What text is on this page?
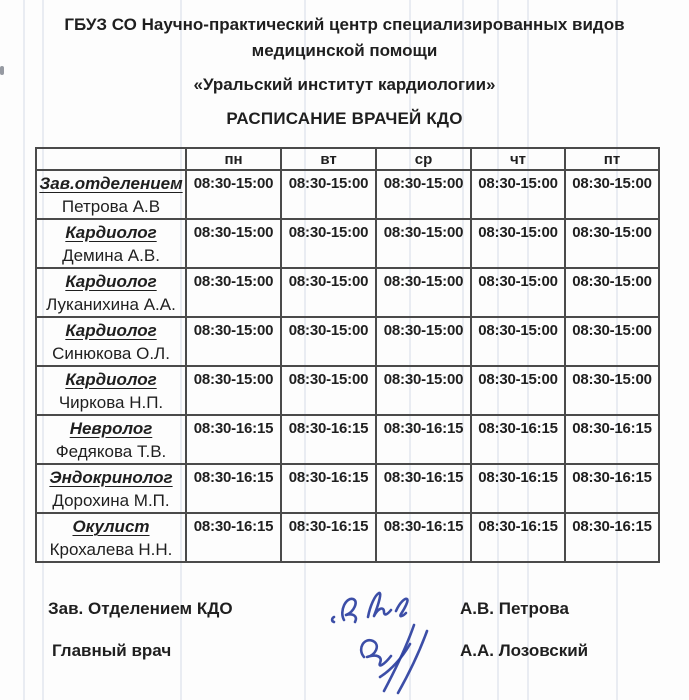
ГБУЗ СО Научно-практический центр специализированных видов
медицинской помощи
«Уральский институт кардиологии»
РАСПИСАНИЕ ВРАЧЕЙ КДО
	пн	вт	ср	чт	пт

Зав.отделением
Петрова А.В	08:30-15:00	08:30-15:00	08:30-15:00	08:30-15:00	08:30-15:00

Кардиолог
Демина А.В.	08:30-15:00	08:30-15:00	08:30-15:00	08:30-15:00	08:30-15:00

Кардиолог
Луканихина А.А.	08:30-15:00	08:30-15:00	08:30-15:00	08:30-15:00	08:30-15:00

Кардиолог
Синюкова О.Л.	08:30-15:00	08:30-15:00	08:30-15:00	08:30-15:00	08:30-15:00

Кардиолог
Чиркова Н.П.	08:30-15:00	08:30-15:00	08:30-15:00	08:30-15:00	08:30-15:00

Невролог
Федякова Т.В.	08:30-16:15	08:30-16:15	08:30-16:15	08:30-16:15	08:30-16:15

Эндокринолог
Дорохина М.П.	08:30-16:15	08:30-16:15	08:30-16:15	08:30-16:15	08:30-16:15

Окулист
Крохалева Н.Н.	08:30-16:15	08:30-16:15	08:30-16:15	08:30-16:15	08:30-16:15
Зав. Отделением КДО
Главный врач
А.В. Петрова
А.А. Лозовский
